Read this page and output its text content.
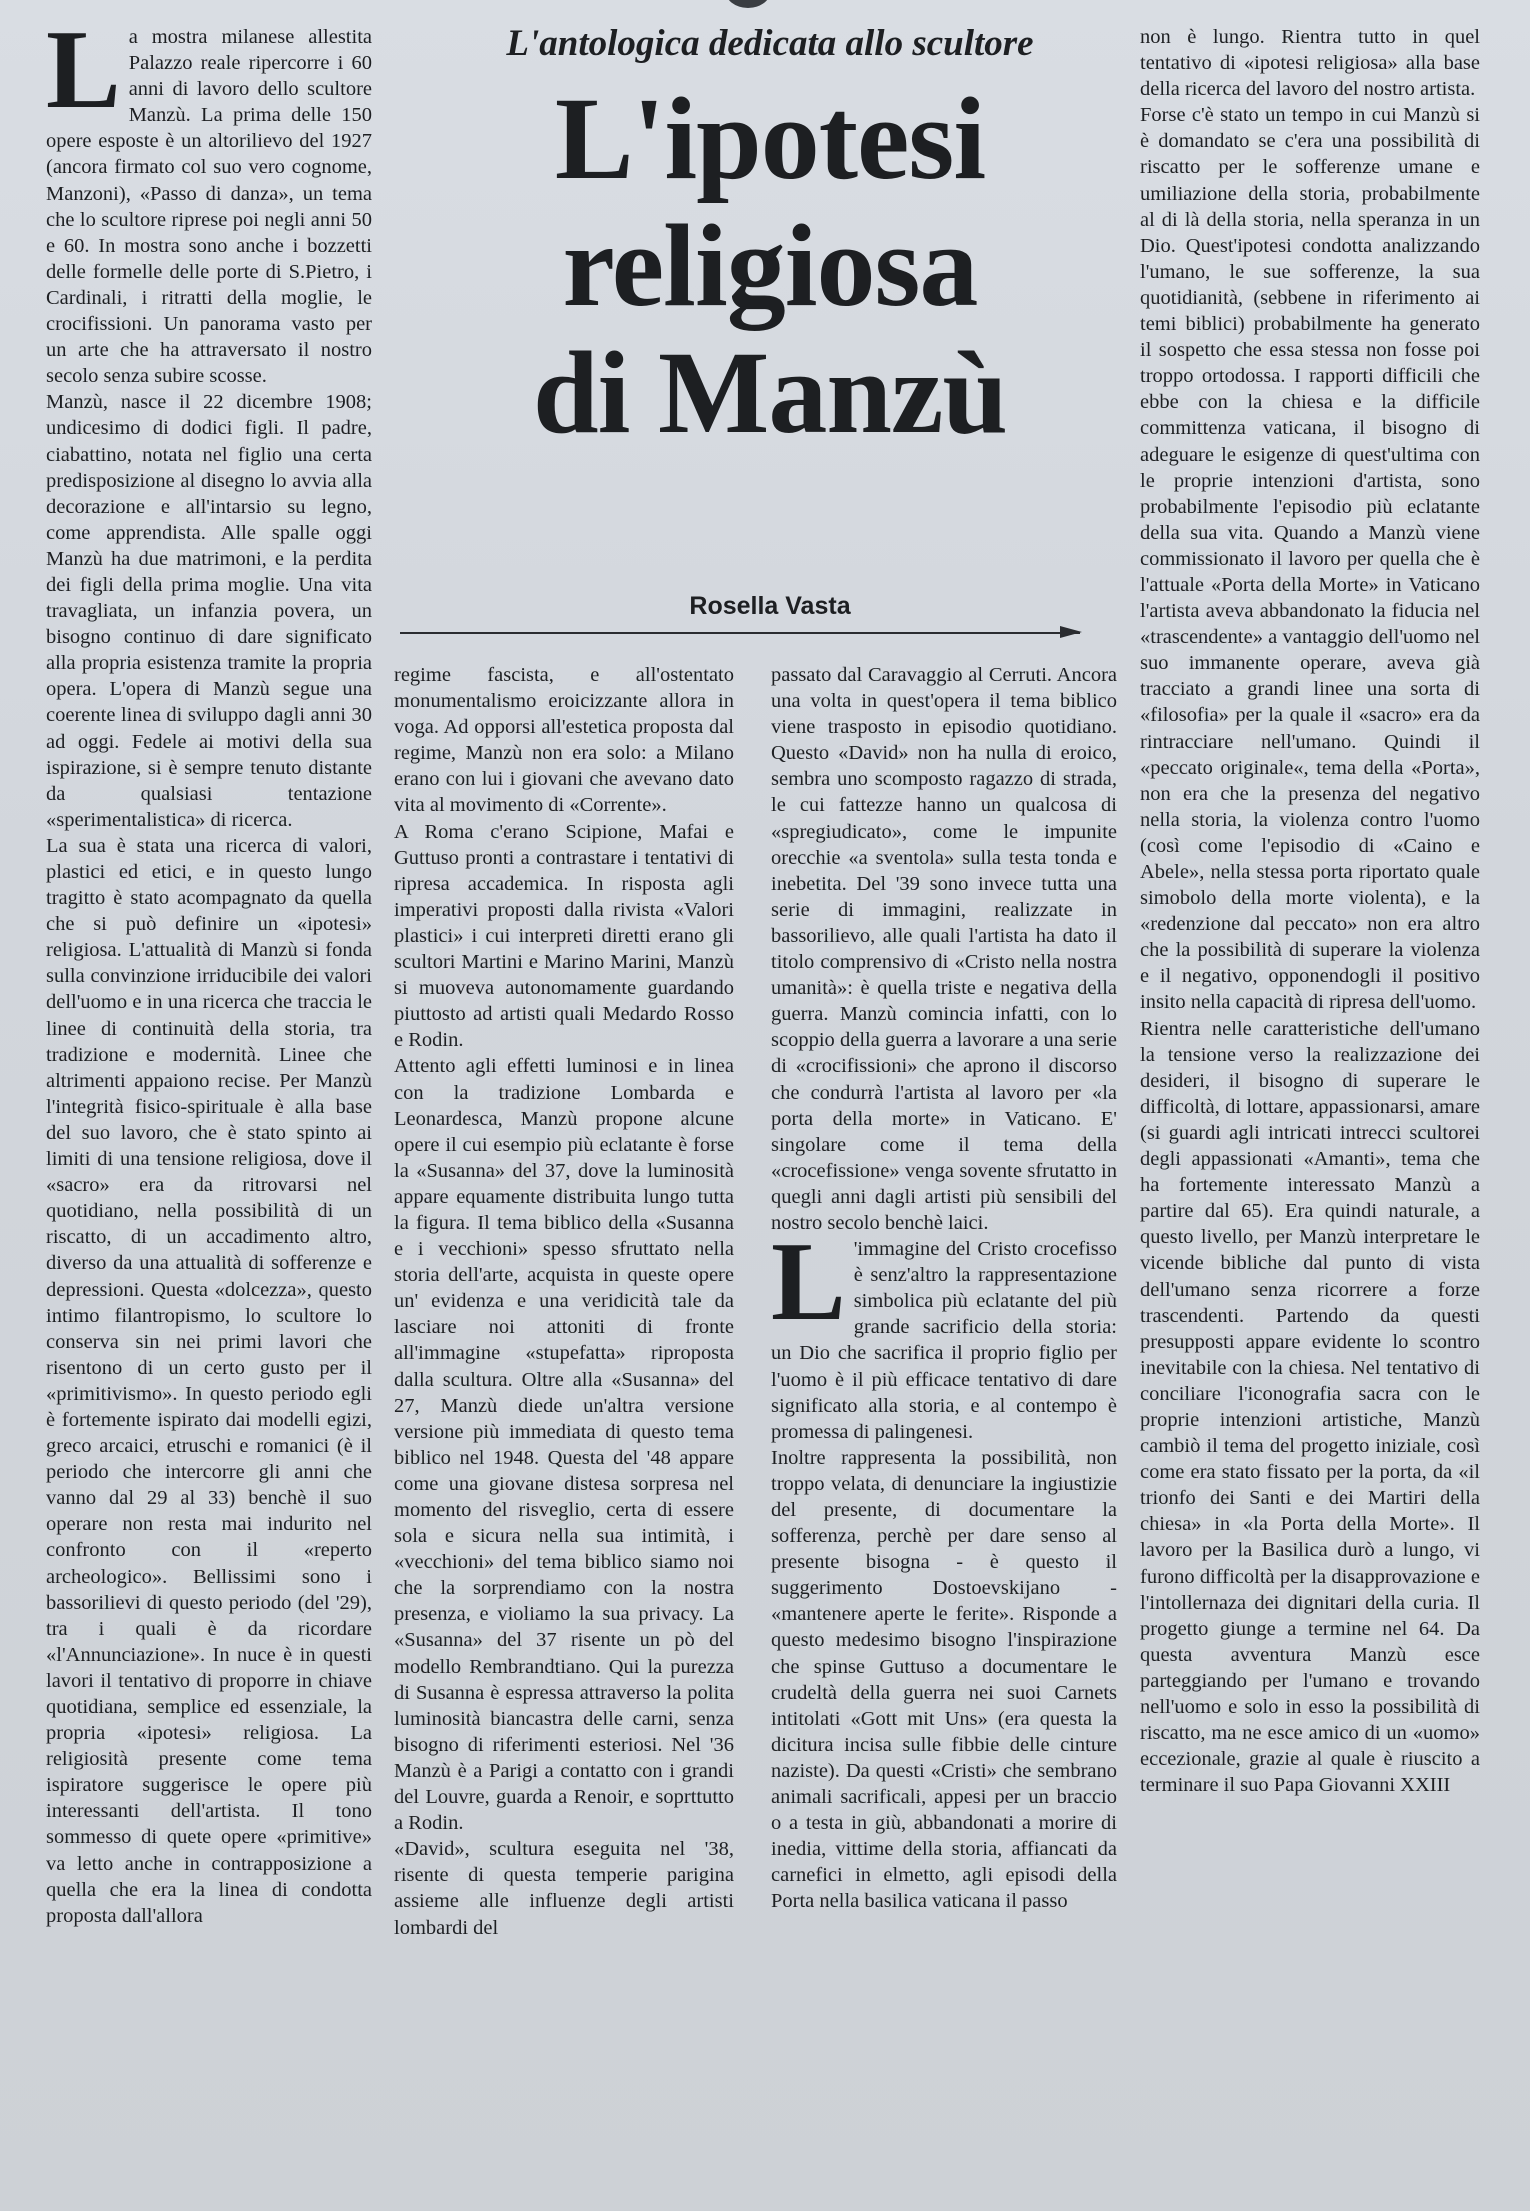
L'antologica dedicata allo scultore
L'ipotesi
religiosa
di Manzù
Rosella Vasta
L a mostra milanese allestita Palazzo reale ripercorre i 60 anni di lavoro dello scultore Manzù. La prima delle 150 opere esposte è un altorilievo del 1927 (ancora firmato col suo vero cognome, Manzoni), «Passo di danza», un tema che lo scultore riprese poi negli anni 50 e 60. In mostra sono anche i bozzetti delle formelle delle porte di S.Pietro, i Cardinali, i ritratti della moglie, le crocifissioni. Un panorama vasto per un arte che ha attraversato il nostro secolo senza subire scosse.

Manzù, nasce il 22 dicembre 1908; undicesimo di dodici figli. Il padre, ciabattino, notata nel figlio una certa predisposizione al disegno lo avvia alla decorazione e all'intarsio su legno, come apprendista. Alle spalle oggi Manzù ha due matrimoni, e la perdita dei figli della prima moglie. Una vita travagliata, un infanzia povera, un bisogno continuo di dare significato alla propria esistenza tramite la propria opera. L'opera di Manzù segue una coerente linea di sviluppo dagli anni 30 ad oggi. Fedele ai motivi della sua ispirazione, si è sempre tenuto distante da qualsiasi tentazione «sperimentalistica» di ricerca.

La sua è stata una ricerca di valori, plastici ed etici, e in questo lungo tragitto è stato acompagnato da quella che si può definire un «ipotesi» religiosa. L'attualità di Manzù si fonda sulla convinzione irriducibile dei valori dell'uomo e in una ricerca che traccia le linee di continuità della storia, tra tradizione e modernità. Linee che altrimenti appaiono recise. Per Manzù l'integrità fisico-spirituale è alla base del suo lavoro, che è stato spinto ai limiti di una tensione religiosa, dove il «sacro» era da ritrovarsi nel quotidiano, nella possibilità di un riscatto, di un accadimento altro, diverso da una attualità di sofferenze e depressioni. Questa «dolcezza», questo intimo filantropismo, lo scultore lo conserva sin nei primi lavori che risentono di un certo gusto per il «primitivismo». In questo periodo egli è fortemente ispirato dai modelli egizi, greco arcaici, etruschi e romanici (è il periodo che intercorre gli anni che vanno dal 29 al 33) benchè il suo operare non resta mai indurito nel confronto con il «reperto archeologico». Bellissimi sono i bassorilievi di questo periodo (del '29), tra i quali è da ricordare «l'Annunciazione». In nuce è in questi lavori il tentativo di proporre in chiave quotidiana, semplice ed essenziale, la propria «ipotesi» religiosa. La religiosità presente come tema ispiratore suggerisce le opere più interessanti dell'artista. Il tono sommesso di quete opere «primitive» va letto anche in contrapposizione a quella che era la linea di condotta proposta dall'allora

regime fascista, e all'ostentato monumentalismo eroicizzante allora in voga. Ad opporsi all'estetica proposta dal regime, Manzù non era solo: a Milano erano con lui i giovani che avevano dato vita al movimento di «Corrente».

A Roma c'erano Scipione, Mafai e Guttuso pronti a contrastare i tentativi di ripresa accademica. In risposta agli imperativi proposti dalla rivista «Valori plastici» i cui interpreti diretti erano gli scultori Martini e Marino Marini, Manzù si muoveva autonomamente guardando piuttosto ad artisti quali Medardo Rosso e Rodin.

Attento agli effetti luminosi e in linea con la tradizione Lombarda e Leonardesca, Manzù propone alcune opere il cui esempio più eclatante è forse la «Susanna» del 37, dove la luminosità appare equamente distribuita lungo tutta la figura. Il tema biblico della «Susanna e i vecchioni» spesso sfruttato nella storia dell'arte, acquista in queste opere un' evidenza e una veridicità tale da lasciare noi attoniti di fronte all'immagine «stupefatta» riproposta dalla scultura. Oltre alla «Susanna» del 27, Manzù diede un'altra versione versione più immediata di questo tema biblico nel 1948. Questa del '48 appare come una giovane distesa sorpresa nel momento del risveglio, certa di essere sola e sicura nella sua intimità, i «vecchioni» del tema biblico siamo noi che la sorprendiamo con la nostra presenza, e violiamo la sua privacy. La «Susanna» del 37 risente un pò del modello Rembrandtiano. Qui la purezza di Susanna è espressa attraverso la polita luminosità biancastra delle carni, senza bisogno di riferimenti esteriosi. Nel '36 Manzù è a Parigi a contatto con i grandi del Louvre, guarda a Renoir, e soprttutto a Rodin.

«David», scultura eseguita nel '38, risente di questa temperie parigina assieme alle influenze degli artisti lombardi del

passato dal Caravaggio al Cerruti. Ancora una volta in quest'opera il tema biblico viene trasposto in episodio quotidiano. Questo «David» non ha nulla di eroico, sembra uno scomposto ragazzo di strada, le cui fattezze hanno un qualcosa di «spregiudicato», come le impunite orecchie «a sventola» sulla testa tonda e inebetita. Del '39 sono invece tutta una serie di immagini, realizzate in bassorilievo, alle quali l'artista ha dato il titolo comprensivo di «Cristo nella nostra umanità»: è quella triste e negativa della guerra. Manzù comincia infatti, con lo scoppio della guerra a lavorare a una serie di «crocifissioni» che aprono il discorso che condurrà l'artista al lavoro per «la porta della morte» in Vaticano. E' singolare come il tema della «crocefissione» venga sovente sfrutatto in quegli anni dagli artisti più sensibili del nostro secolo benchè laici.

L 'immagine del Cristo crocefisso è senz'altro la rappresentazione simbolica più eclatante del più grande sacrificio della storia: un Dio che sacrifica il proprio figlio per l'uomo è il più efficace tentativo di dare significato alla storia, e al contempo è promessa di palingenesi.

Inoltre rappresenta la possibilità, non troppo velata, di denunciare la ingiustizie del presente, di documentare la sofferenza, perchè per dare senso al presente bisogna - è questo il suggerimento Dostoevskijano - «mantenere aperte le ferite». Risponde a questo medesimo bisogno l'inspirazione che spinse Guttuso a documentare le crudeltà della guerra nei suoi Carnets intitolati «Gott mit Uns» (era questa la dicitura incisa sulle fibbie delle cinture naziste). Da questi «Cristi» che sembrano animali sacrificali, appesi per un braccio o a testa in giù, abbandonati a morire di inedia, vittime della storia, affiancati da carnefici in elmetto, agli episodi della Porta nella basilica vaticana il passo

non è lungo. Rientra tutto in quel tentativo di «ipotesi religiosa» alla base della ricerca del lavoro del nostro artista.

Forse c'è stato un tempo in cui Manzù si è domandato se c'era una possibilità di riscatto per le sofferenze umane e umiliazione della storia, probabilmente al di là della storia, nella speranza in un Dio. Quest'ipotesi condotta analizzando l'umano, le sue sofferenze, la sua quotidianità, (sebbene in riferimento ai temi biblici) probabilmente ha generato il sospetto che essa stessa non fosse poi troppo ortodossa. I rapporti difficili che ebbe con la chiesa e la difficile committenza vaticana, il bisogno di adeguare le esigenze di quest'ultima con le proprie intenzioni d'artista, sono probabilmente l'episodio più eclatante della sua vita. Quando a Manzù viene commissionato il lavoro per quella che è l'attuale «Porta della Morte» in Vaticano l'artista aveva abbandonato la fiducia nel «trascendente» a vantaggio dell'uomo nel suo immanente operare, aveva già tracciato a grandi linee una sorta di «filosofia» per la quale il «sacro» era da rintracciare nell'umano. Quindi il «peccato originale«, tema della «Porta», non era che la presenza del negativo nella storia, la violenza contro l'uomo (così come l'episodio di «Caino e Abele», nella stessa porta riportato quale simobolo della morte violenta), e la «redenzione dal peccato» non era altro che la possibilità di superare la violenza e il negativo, opponendogli il positivo insito nella capacità di ripresa dell'uomo.

Rientra nelle caratteristiche dell'umano la tensione verso la realizzazione dei desideri, il bisogno di superare le difficoltà, di lottare, appassionarsi, amare (si guardi agli intricati intrecci scultorei degli appassionati «Amanti», tema che ha fortemente interessato Manzù a partire dal 65). Era quindi naturale, a questo livello, per Manzù interpretare le vicende bibliche dal punto di vista dell'umano senza ricorrere a forze trascendenti. Partendo da questi presupposti appare evidente lo scontro inevitabile con la chiesa. Nel tentativo di conciliare l'iconografia sacra con le proprie intenzioni artistiche, Manzù cambiò il tema del progetto iniziale, così come era stato fissato per la porta, da «il trionfo dei Santi e dei Martiri della chiesa» in «la Porta della Morte». Il lavoro per la Basilica durò a lungo, vi furono difficoltà per la disapprovazione e l'intollernaza dei dignitari della curia. Il progetto giunge a termine nel 64. Da questa avventura Manzù esce parteggiando per l'umano e trovando nell'uomo e solo in esso la possibilità di riscatto, ma ne esce amico di un «uomo» eccezionale, grazie al quale è riuscito a terminare il suo Papa Giovanni XXIII
